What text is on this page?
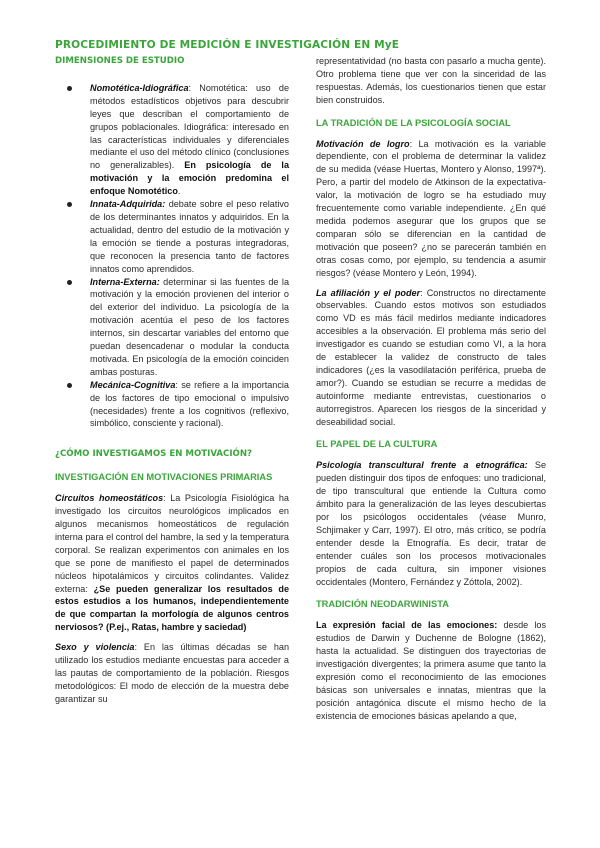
PROCEDIMIENTO DE MEDICIÓN E INVESTIGACIÓN EN MyE
DIMENSIONES DE ESTUDIO
Nomotética-Idiográfica: Nomotética: uso de métodos estadísticos objetivos para descubrir leyes que describan el comportamiento de grupos poblacionales. Idiográfica: interesado en las características individuales y diferenciales mediante el uso del método clínico (conclusiones no generalizables). En psicología de la motivación y la emoción predomina el enfoque Nomotético.
Innata-Adquirida: debate sobre el peso relativo de los determinantes innatos y adquiridos. En la actualidad, dentro del estudio de la motivación y la emoción se tiende a posturas integradoras, que reconocen la presencia tanto de factores innatos como aprendidos.
Interna-Externa: determinar si las fuentes de la motivación y la emoción provienen del interior o del exterior del individuo. La psicología de la motivación acentúa el peso de los factores internos, sin descartar variables del entorno que puedan desencadenar o modular la conducta motivada. En psicología de la emoción coinciden ambas posturas.
Mecánica-Cognitiva: se refiere a la importancia de los factores de tipo emocional o impulsivo (necesidades) frente a los cognitivos (reflexivo, simbólico, consciente y racional).
¿CÓMO INVESTIGAMOS EN MOTIVACIÓN?
INVESTIGACIÓN EN MOTIVACIONES PRIMARIAS

Circuitos homeostáticos: La Psicología Fisiológica ha investigado los circuitos neurológicos implicados en algunos mecanismos homeostáticos de regulación interna para el control del hambre, la sed y la temperatura corporal. Se realizan experimentos con animales en los que se pone de manifiesto el papel de determinados núcleos hipotalámicos y circuitos colindantes. Validez externa: ¿Se pueden generalizar los resultados de estos estudios a los humanos, independientemente de que compartan la morfología de algunos centros nerviosos? (P.ej., Ratas, hambre y saciedad)

Sexo y violencia: En las últimas décadas se han utilizado los estudios mediante encuestas para acceder a las pautas de comportamiento de la población. Riesgos metodológicos: El modo de elección de la muestra debe garantizar su

representatividad (no basta con pasarlo a mucha gente). Otro problema tiene que ver con la sinceridad de las respuestas. Además, los cuestionarios tienen que estar bien construidos.

LA TRADICIÓN DE LA PSICOLOGÍA SOCIAL

Motivación de logro: La motivación es la variable dependiente, con el problema de determinar la validez de su medida (véase Huertas, Montero y Alonso, 1997ª). Pero, a partir del modelo de Atkinson de la expectativa-valor, la motivación de logro se ha estudiado muy frecuentemente como variable independiente. ¿En qué medida podemos asegurar que los grupos que se comparan sólo se diferencian en la cantidad de motivación que poseen? ¿no se parecerán también en otras cosas como, por ejemplo, su tendencia a asumir riesgos? (véase Montero y León, 1994).

La afiliación y el poder: Constructos no directamente observables. Cuando estos motivos son estudiados como VD es más fácil medirlos mediante indicadores accesibles a la observación. El problema más serio del investigador es cuando se estudian como VI, a la hora de establecer la validez de constructo de tales indicadores (¿es la vasodilatación periférica, prueba de amor?). Cuando se estudian se recurre a medidas de autoinforme mediante entrevistas, cuestionarios o autorregistros. Aparecen los riesgos de la sinceridad y deseabilidad social.

EL PAPEL DE LA CULTURA

Psicología transcultural frente a etnográfica: Se pueden distinguir dos tipos de enfoques: uno tradicional, de tipo transcultural que entiende la Cultura como ámbito para la generalización de las leyes descubiertas por los psicólogos occidentales (véase Munro, Schjimaker y Carr, 1997). El otro, más crítico, se podría entender desde la Etnografía. Es decir, tratar de entender cuáles son los procesos motivacionales propios de cada cultura, sin imponer visiones occidentales (Montero, Fernández y Zóttola, 2002).

TRADICIÓN NEODARWINISTA

La expresión facial de las emociones: desde los estudios de Darwin y Duchenne de Bologne (1862), hasta la actualidad. Se distinguen dos trayectorias de investigación divergentes; la primera asume que tanto la expresión como el reconocimiento de las emociones básicas son universales e innatas, mientras que la posición antagónica discute el mismo hecho de la existencia de emociones básicas apelando a que,
